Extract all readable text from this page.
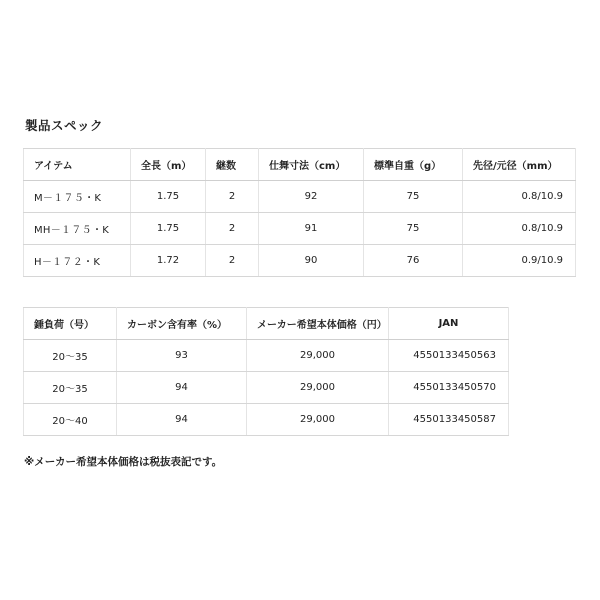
製品スペック
アイテム	全長（m）	継数	仕舞寸法（cm）	標準自重（g）	先径/元径（mm）
M－１７５・K	1.75	2	92	75	0.8/10.9
MH－１７５・K	1.75	2	91	75	0.8/10.9
H－１７２・K	1.72	2	90	76	0.9/10.9
錘負荷（号）	カーボン含有率（%）	メーカー希望本体価格（円）	JAN
20～35	93	29,000	4550133450563
20～35	94	29,000	4550133450570
20～40	94	29,000	4550133450587
※メーカー希望本体価格は税抜表記です。
